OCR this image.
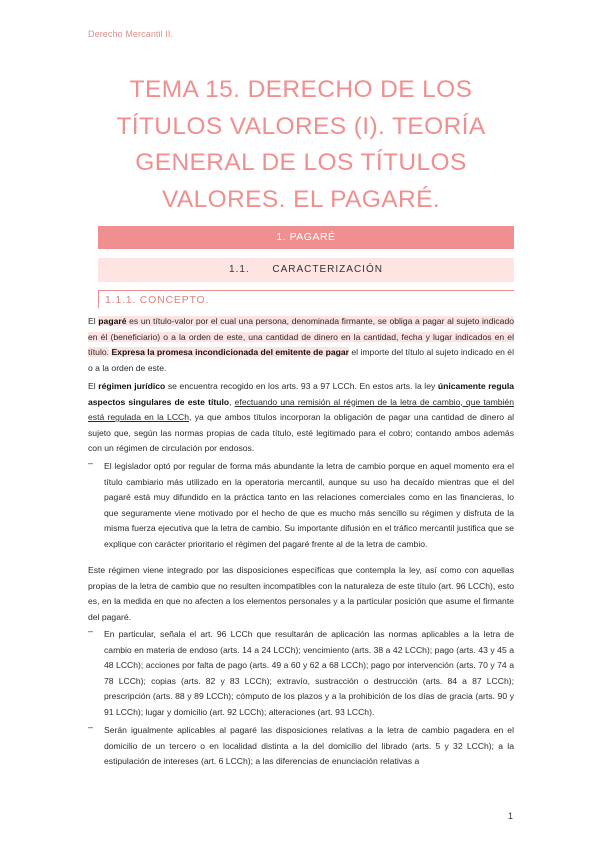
Derecho Mercantil II.
TEMA 15. DERECHO DE LOS TÍTULOS VALORES (I). TEORÍA GENERAL DE LOS TÍTULOS VALORES. EL PAGARÉ.
1. PAGARÉ
1.1.      CARACTERIZACIÓN
1.1.1. CONCEPTO.
El pagaré es un título-valor por el cual una persona, denominada firmante, se obliga a pagar al sujeto indicado en él (beneficiario) o a la orden de este, una cantidad de dinero en la cantidad, fecha y lugar indicados en el título. Expresa la promesa incondicionada del emitente de pagar el importe del título al sujeto indicado en él o a la orden de este.
El régimen jurídico se encuentra recogido en los arts. 93 a 97 LCCh. En estos arts. la ley únicamente regula aspectos singulares de este título, efectuando una remisión al régimen de la letra de cambio, que también está regulada en la LCCh, ya que ambos títulos incorporan la obligación de pagar una cantidad de dinero al sujeto que, según las normas propias de cada título, esté legitimado para el cobro; contando ambos además con un régimen de circulación por endosos.
– El legislador optó por regular de forma más abundante la letra de cambio porque en aquel momento era el título cambiario más utilizado en la operatoria mercantil, aunque su uso ha decaído mientras que el del pagaré está muy difundido en la práctica tanto en las relaciones comerciales como en las financieras, lo que seguramente viene motivado por el hecho de que es mucho más sencillo su régimen y disfruta de la misma fuerza ejecutiva que la letra de cambio. Su importante difusión en el tráfico mercantil justifica que se explique con carácter prioritario el régimen del pagaré frente al de la letra de cambio.
Este régimen viene integrado por las disposiciones específicas que contempla la ley, así como con aquellas propias de la letra de cambio que no resulten incompatibles con la naturaleza de este título (art. 96 LCCh), esto es, en la medida en que no afecten a los elementos personales y a la particular posición que asume el firmante del pagaré.
– En particular, señala el art. 96 LCCh que resultarán de aplicación las normas aplicables a la letra de cambio en materia de endoso (arts. 14 a 24 LCCh); vencimiento (arts. 38 a 42 LCCh); pago (arts. 43 y 45 a 48 LCCh); acciones por falta de pago (arts. 49 a 60 y 62 a 68 LCCh); pago por intervención (arts. 70 y 74 a 78 LCCh); copias (arts. 82 y 83 LCCh); extravío, sustracción o destrucción (arts. 84 a 87 LCCh); prescripción (arts. 88 y 89 LCCh); cómputo de los plazos y a la prohibición de los días de gracia (arts. 90 y 91 LCCh); lugar y domicilio (art. 92 LCCh); alteraciones (art. 93 LCCh).
– Serán igualmente aplicables al pagaré las disposiciones relativas a la letra de cambio pagadera en el domicilio de un tercero o en localidad distinta a la del domicilio del librado (arts. 5 y 32 LCCh); a la estipulación de intereses (art. 6 LCCh); a las diferencias de enunciación relativas a
1
